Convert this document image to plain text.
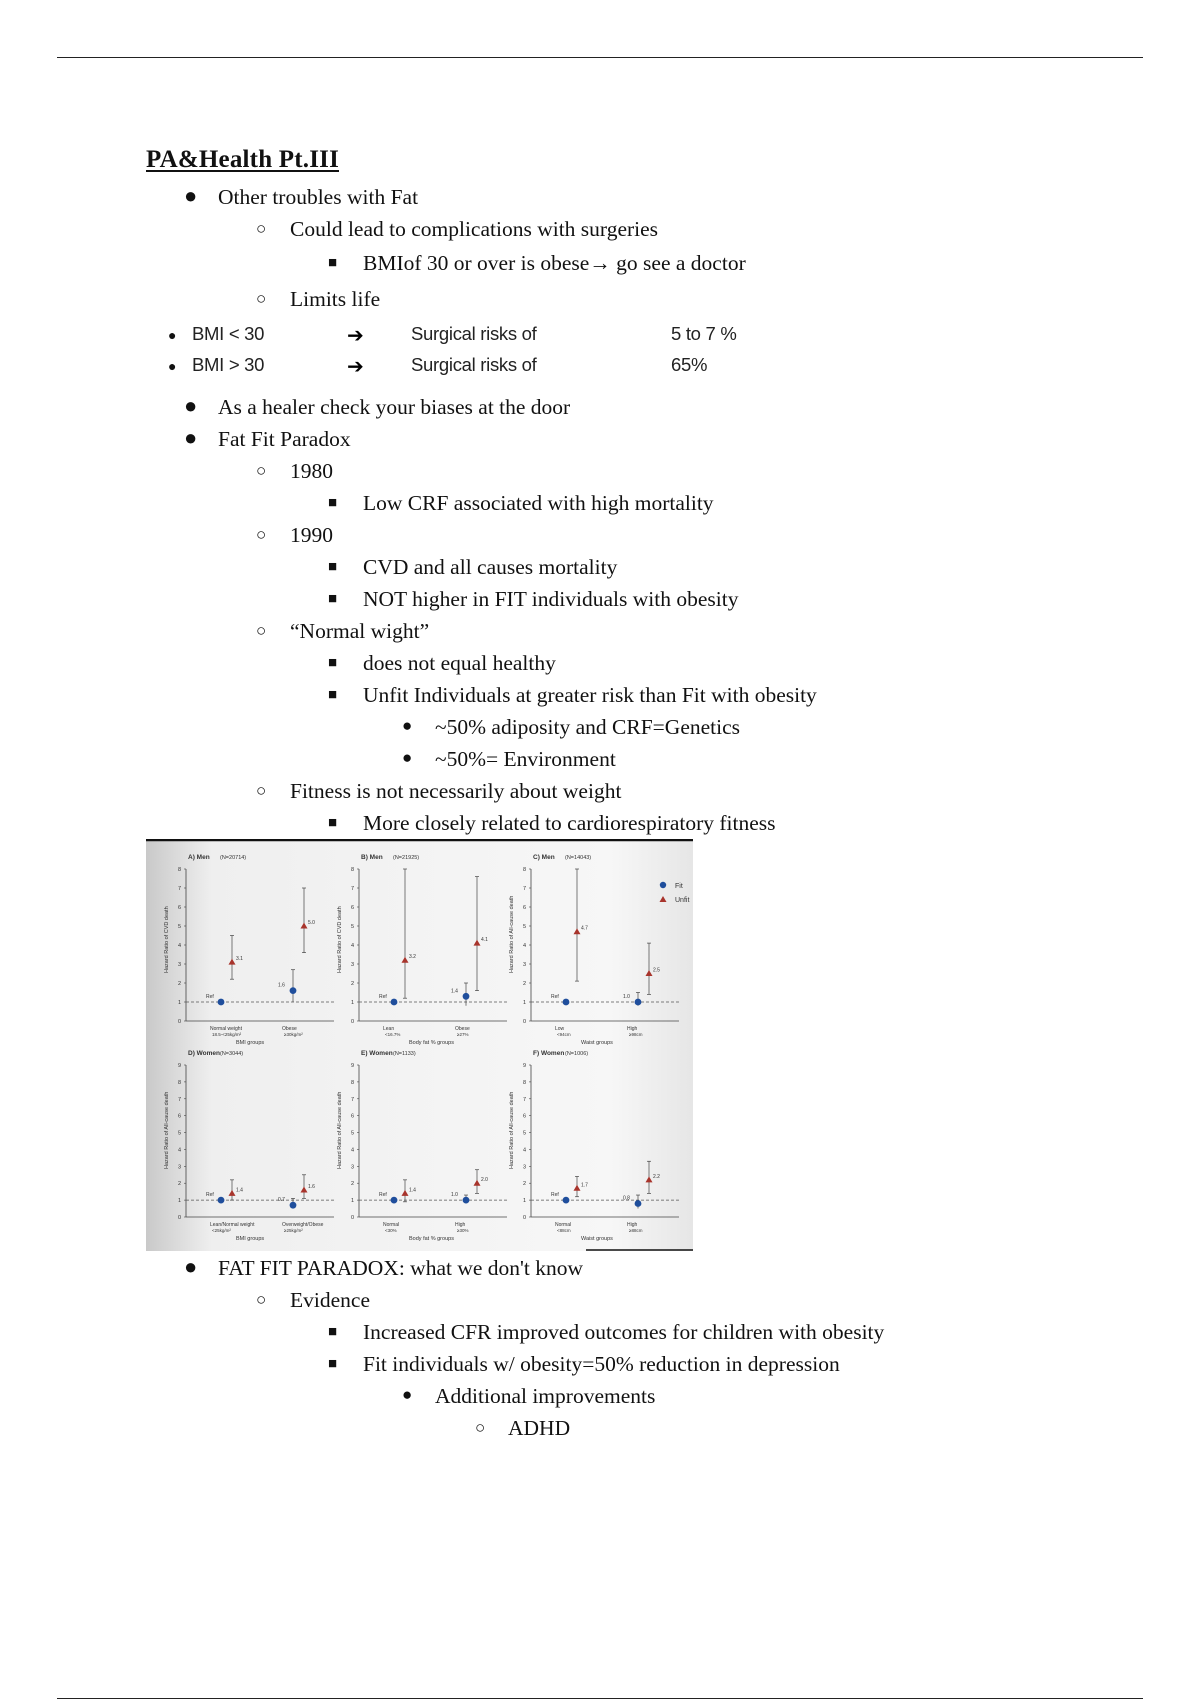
PA&Health Pt.III
● Other troubles with Fat
○ Could lead to complications with surgeries
■ BMIof 30 or over is obese→ go see a doctor
○ Limits life
● BMI < 30	➔	Surgical risks of	5 to 7 %
● BMI > 30	➔	Surgical risks of	65%
● As a healer check your biases at the door
● Fat Fit Paradox
○ 1980
■ Low CRF associated with high mortality
○ 1990
■ CVD and all causes mortality
■ NOT higher in FIT individuals with obesity
○ “Normal wight”
■ does not equal healthy
■ Unfit Individuals at greater risk than Fit with obesity
● ~50% adiposity and CRF=Genetics
● ~50%= Environment
○ Fitness is not necessarily about weight
■ More closely related to cardiorespiratory fitness
Fit
Unfit
A) Men (N=20714)
0
1
2
3
4
5
6
7
8
Hazard Ratio of CVD death
Ref
3.1
Normal weight
18.5-<25kg/m²
1.6
5.0
Obese
≥30kg/m²
BMI groups
B) Men (N=21925)
0
1
2
3
4
5
6
7
8
Hazard Ratio of CVD death
Ref
3.2
Lean
<16.7%
1.4
4.1
Obese
≥27%
Body fat % groups
C) Men (N=14043)
0
1
2
3
4
5
6
7
8
Hazard Ratio of All-cause death
Ref
4.7
Low
<94cm
1.0
2.5
High
≥98cm
Waist groups
D) Women (N=3044)
0
1
2
3
4
5
6
7
8
9
Hazard Ratio of All-cause death
Ref
1.4
Lean/Normal weight
<25kg/m²
0.7
1.6
Overweight/Obese
≥25kg/m²
BMI groups
E) Women (N=1133)
0
1
2
3
4
5
6
7
8
9
Hazard Ratio of All-cause death
Ref
1.4
Normal
<30%
1.0
2.0
High
≥30%
Body fat % groups
F) Women (N=1006)
0
1
2
3
4
5
6
7
8
9
Hazard Ratio of All-cause death
Ref
1.7
Normal
<88cm
0.8
2.2
High
≥88cm
Waist groups
● FAT FIT PARADOX: what we don't know
○ Evidence
■ Increased CFR improved outcomes for children with obesity
■ Fit individuals w/ obesity=50% reduction in depression
● Additional improvements
○ ADHD
